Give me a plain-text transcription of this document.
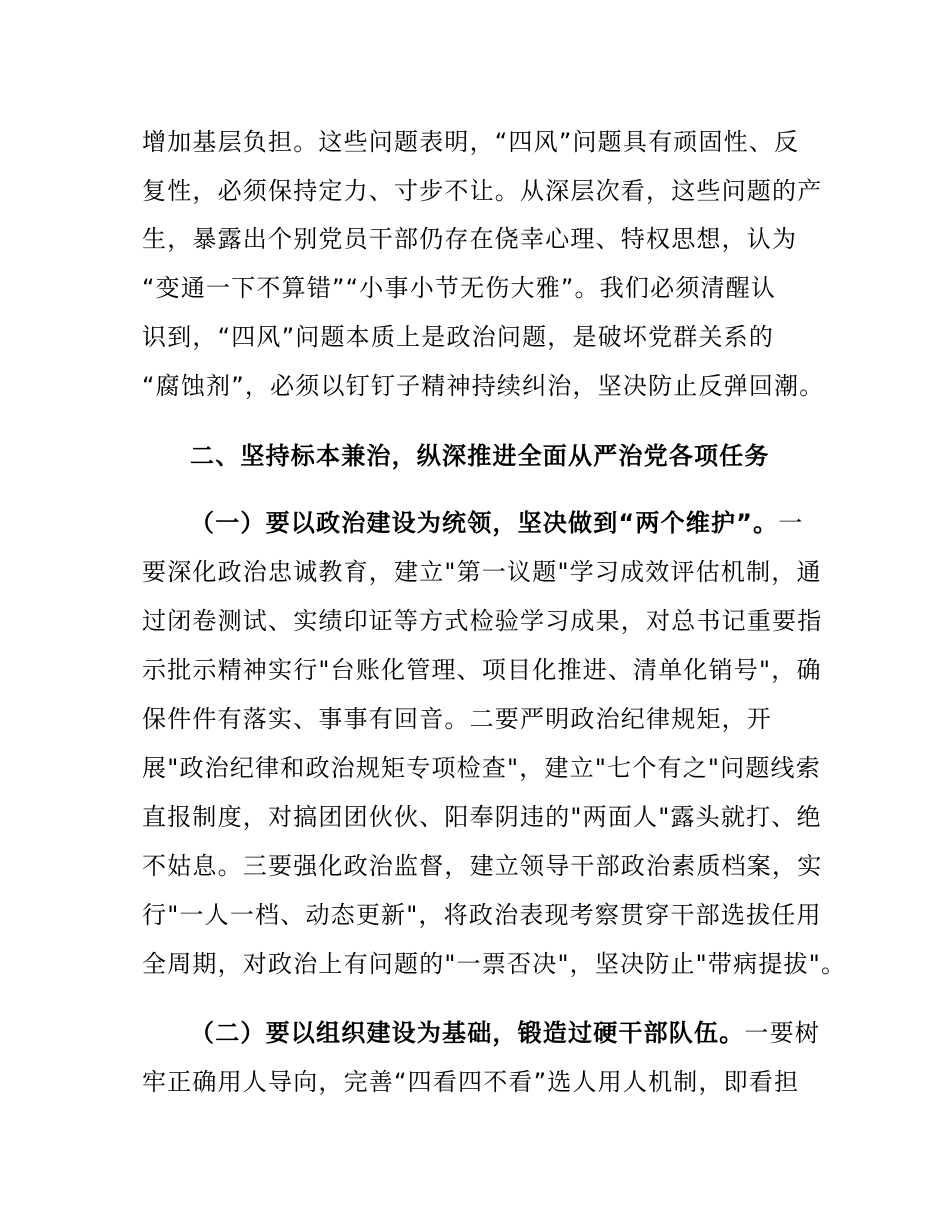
增加基层负担。这些问题表明，“四风”问题具有顽固性、反
复性，必须保持定力、寸步不让。从深层次看，这些问题的产
生，暴露出个别党员干部仍存在侥幸心理、特权思想，认为
“变通一下不算错”“小事小节无伤大雅”。我们必须清醒认
识到，“四风”问题本质上是政治问题，是破坏党群关系的
“腐蚀剂”，必须以钉钉子精神持续纠治，坚决防止反弹回潮。
二、坚持标本兼治，纵深推进全面从严治党各项任务
（一）要以政治建设为统领，坚决做到“两个维护”。一
要深化政治忠诚教育，建立"第一议题"学习成效评估机制，通
过闭卷测试、实绩印证等方式检验学习成果，对总书记重要指
示批示精神实行"台账化管理、项目化推进、清单化销号"，确
保件件有落实、事事有回音。二要严明政治纪律规矩，开
展"政治纪律和政治规矩专项检查"，建立"七个有之"问题线索
直报制度，对搞团团伙伙、阳奉阴违的"两面人"露头就打、绝
不姑息。三要强化政治监督，建立领导干部政治素质档案，实
行"一人一档、动态更新"，将政治表现考察贯穿干部选拔任用
全周期，对政治上有问题的"一票否决"，坚决防止"带病提拔"。
（二）要以组织建设为基础，锻造过硬干部队伍。一要树
牢正确用人导向，完善“四看四不看”选人用人机制，即看担
